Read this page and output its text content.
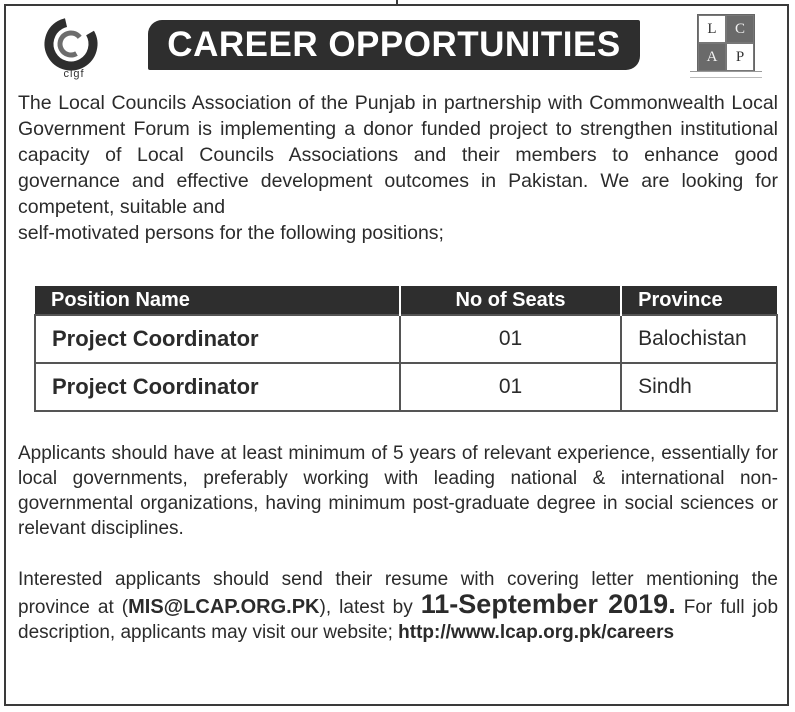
clgf
CAREER OPPORTUNITIES	L	C
A	P
The Local Councils Association of the Punjab in partnership with Commonwealth Local Government Forum is implementing a donor funded project to strengthen institutional capacity of Local Councils Associations and their members to enhance good governance and effective development outcomes in Pakistan. We are looking for competent, suitable and
self-motivated persons for the following positions;
Position Name	No of Seats	Province
Project Coordinator	01	Balochistan
Project Coordinator	01	Sindh
Applicants should have at least minimum of 5 years of relevant experience, essentially for local governments, preferably working with leading national & international non-governmental organizations, having minimum post-graduate degree in social sciences or relevant disciplines.
Interested applicants should send their resume with covering letter mentioning the province at (MIS@LCAP.ORG.PK), latest by 11-September 2019. For full job description, applicants may visit our website; http://www.lcap.org.pk/careers
